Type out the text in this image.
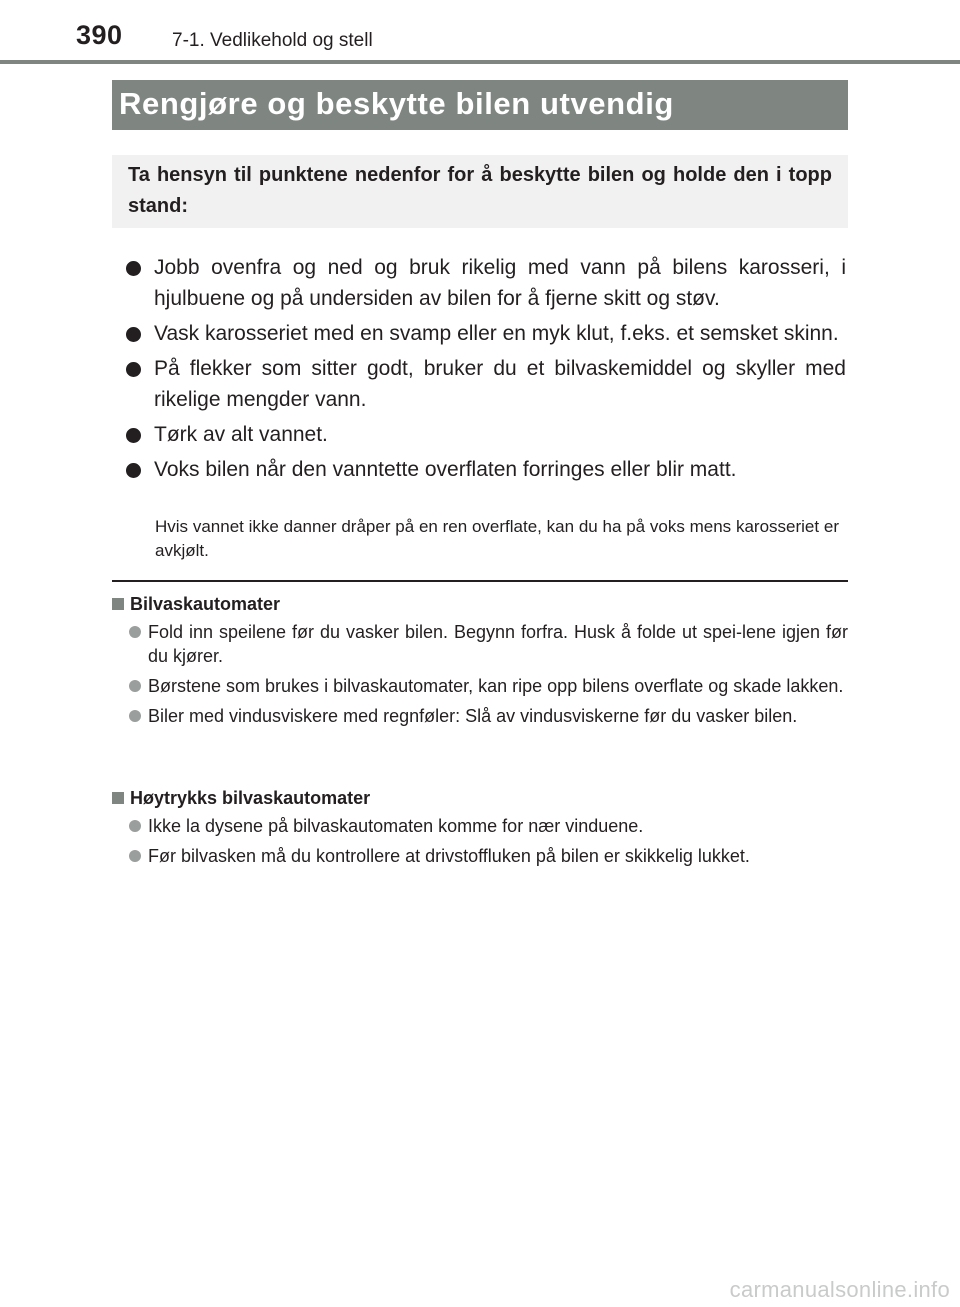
390	7-1. Vedlikehold og stell
Rengjøre og beskytte bilen utvendig

Ta hensyn til punktene nedenfor for å beskytte bilen og holde den i topp stand:

Jobb ovenfra og ned og bruk rikelig med vann på bilens karosseri, i hjulbuene og på undersiden av bilen for å fjerne skitt og støv.
Vask karosseriet med en svamp eller en myk klut, f.eks. et semsket skinn.
På flekker som sitter godt, bruker du et bilvaskemiddel og skyller med rikelige mengder vann.
Tørk av alt vannet.
Voks bilen når den vanntette overflaten forringes eller blir matt.

Hvis vannet ikke danner dråper på en ren overflate, kan du ha på voks mens karosseriet er avkjølt.

Bilvaskautomater
Fold inn speilene før du vasker bilen. Begynn forfra. Husk å folde ut spei-lene igjen før du kjører.
Børstene som brukes i bilvaskautomater, kan ripe opp bilens overflate og skade lakken.
Biler med vindusviskere med regnføler: Slå av vindusviskerne før du vasker bilen.
Høytrykks bilvaskautomater
Ikke la dysene på bilvaskautomaten komme for nær vinduene.
Før bilvasken må du kontrollere at drivstoffluken på bilen er skikkelig lukket.
carmanualsonline.info
